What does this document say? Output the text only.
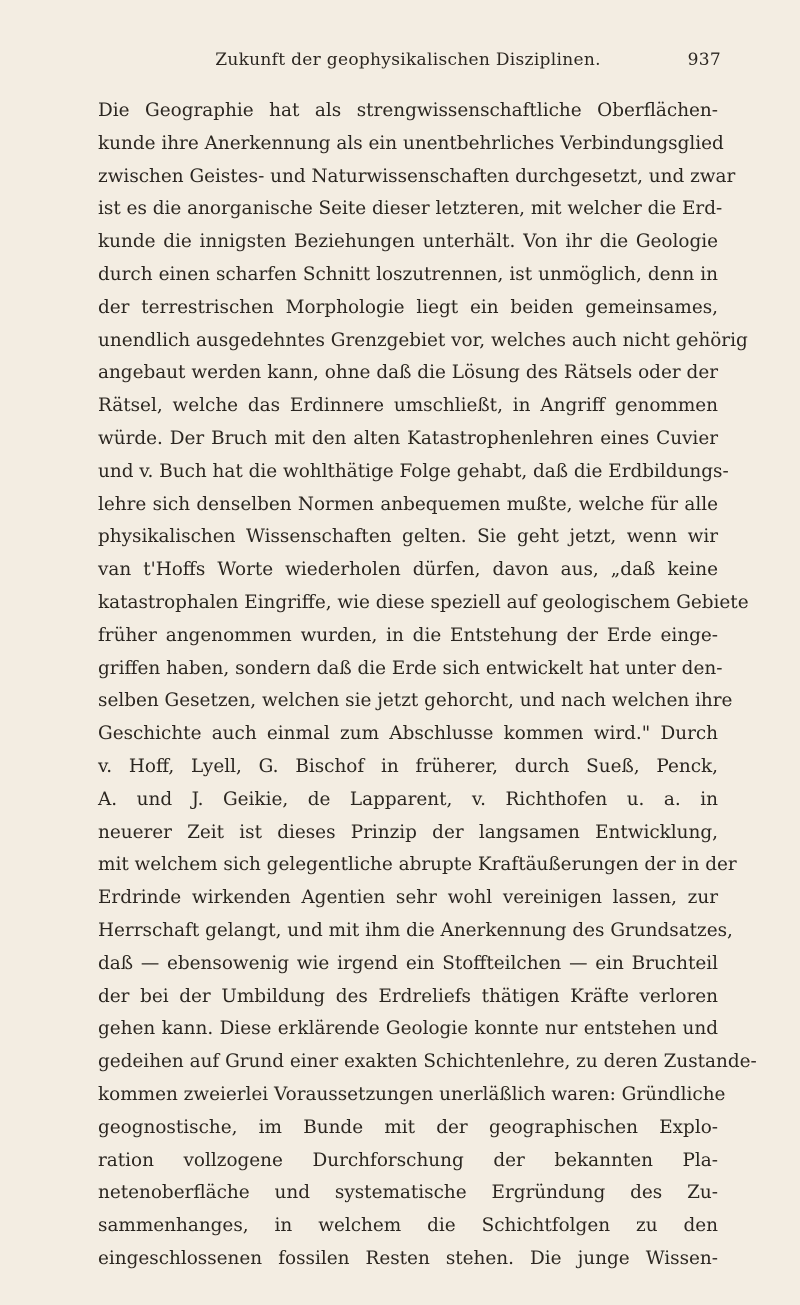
Zukunft der geophysikalischen Disziplinen.	937
Die Geographie hat als strengwissenschaftliche Oberflächen-
kunde ihre Anerkennung als ein unentbehrliches Verbindungsglied
zwischen Geistes- und Naturwissenschaften durchgesetzt, und zwar
ist es die anorganische Seite dieser letzteren, mit welcher die Erd-
kunde die innigsten Beziehungen unterhält. Von ihr die Geologie
durch einen scharfen Schnitt loszutrennen, ist unmöglich, denn in
der terrestrischen Morphologie liegt ein beiden gemeinsames,
unendlich ausgedehntes Grenzgebiet vor, welches auch nicht gehörig
angebaut werden kann, ohne daß die Lösung des Rätsels oder der
Rätsel, welche das Erdinnere umschließt, in Angriff genommen
würde. Der Bruch mit den alten Katastrophenlehren eines Cuvier
und v. Buch hat die wohlthätige Folge gehabt, daß die Erdbildungs-
lehre sich denselben Normen anbequemen mußte, welche für alle
physikalischen Wissenschaften gelten. Sie geht jetzt, wenn wir
van t'Hoffs Worte wiederholen dürfen, davon aus, „daß keine
katastrophalen Eingriffe, wie diese speziell auf geologischem Gebiete
früher angenommen wurden, in die Entstehung der Erde einge-
griffen haben, sondern daß die Erde sich entwickelt hat unter den-
selben Gesetzen, welchen sie jetzt gehorcht, und nach welchen ihre
Geschichte auch einmal zum Abschlusse kommen wird." Durch
v. Hoff, Lyell, G. Bischof in früherer, durch Sueß, Penck,
A. und J. Geikie, de Lapparent, v. Richthofen u. a. in
neuerer Zeit ist dieses Prinzip der langsamen Entwicklung,
mit welchem sich gelegentliche abrupte Kraftäußerungen der in der
Erdrinde wirkenden Agentien sehr wohl vereinigen lassen, zur
Herrschaft gelangt, und mit ihm die Anerkennung des Grundsatzes,
daß — ebensowenig wie irgend ein Stoffteilchen — ein Bruchteil
der bei der Umbildung des Erdreliefs thätigen Kräfte verloren
gehen kann. Diese erklärende Geologie konnte nur entstehen und
gedeihen auf Grund einer exakten Schichtenlehre, zu deren Zustande-
kommen zweierlei Voraussetzungen unerläßlich waren: Gründliche
geognostische, im Bunde mit der geographischen Explo-
ration vollzogene Durchforschung der bekannten Pla-
netenoberfläche und systematische Ergründung des Zu-
sammenhanges, in welchem die Schichtfolgen zu den
eingeschlossenen fossilen Resten stehen. Die junge Wissen-
